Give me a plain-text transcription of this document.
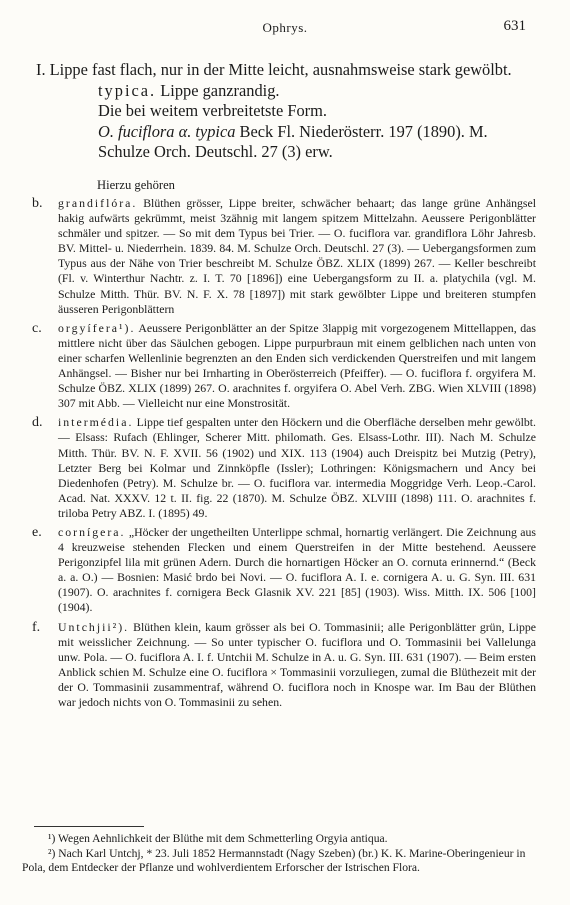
Ophrys.	631
I. Lippe fast flach, nur in der Mitte leicht, ausnahmsweise stark gewölbt.
typica. Lippe ganzrandig.
Die bei weitem verbreitetste Form.
O. fuciflora α. typica Beck Fl. Niederösterr. 197 (1890). M. Schulze Orch. Deutschl. 27 (3) erw.
Hierzu gehören
b.	grandiflóra. Blüthen grösser, Lippe breiter, schwächer behaart; das lange grüne Anhängsel hakig aufwärts gekrümmt, meist 3zähnig mit langem spitzem Mittelzahn. Aeussere Perigonblätter schmäler und spitzer. — So mit dem Typus bei Trier. — O. fuciflora var. grandiflora Löhr Jahresb. BV. Mittel- u. Niederrhein. 1839. 84. M. Schulze Orch. Deutschl. 27 (3). — Uebergangsformen zum Typus aus der Nähe von Trier beschreibt M. Schulze ÖBZ. XLIX (1899) 267. — Keller beschreibt (Fl. v. Winterthur Nachtr. z. I. T. 70 [1896]) eine Uebergangsform zu II. a. platychila (vgl. M. Schulze Mitth. Thür. BV. N. F. X. 78 [1897]) mit stark gewölbter Lippe und breiteren stumpfen äusseren Perigonblättern
c.	orgyífera¹). Aeussere Perigonblätter an der Spitze 3lappig mit vorgezogenem Mittellappen, das mittlere nicht über das Säulchen gebogen. Lippe purpurbraun mit einem gelblichen nach unten von einer scharfen Wellenlinie begrenzten an den Enden sich verdickenden Querstreifen und mit langem Anhängsel. — Bisher nur bei Irnharting in Oberösterreich (Pfeiffer). — O. fuciflora f. orgyifera M. Schulze ÖBZ. XLIX (1899) 267. O. arachnites f. orgyifera O. Abel Verh. ZBG. Wien XLVIII (1898) 307 mit Abb. — Vielleicht nur eine Monstrosität.
d.	intermédia. Lippe tief gespalten unter den Höckern und die Oberfläche derselben mehr gewölbt. — Elsass: Rufach (Ehlinger, Scherer Mitt. philomath. Ges. Elsass-Lothr. III). Nach M. Schulze Mitth. Thür. BV. N. F. XVII. 56 (1902) und XIX. 113 (1904) auch Dreispitz bei Mutzig (Petry), Letzter Berg bei Kolmar und Zinnköpfle (Issler); Lothringen: Königsmachern und Ancy bei Diedenhofen (Petry). M. Schulze br. — O. fuciflora var. intermedia Moggridge Verh. Leop.-Carol. Acad. Nat. XXXV. 12 t. II. fig. 22 (1870). M. Schulze ÖBZ. XLVIII (1898) 111. O. arachnites f. triloba Petry ABZ. I. (1895) 49.
e.	cornígera. „Höcker der ungetheilten Unterlippe schmal, hornartig verlängert. Die Zeichnung aus 4 kreuzweise stehenden Flecken und einem Querstreifen in der Mitte bestehend. Aeussere Perigonzipfel lila mit grünen Adern. Durch die hornartigen Höcker an O. cornuta erinnernd.“ (Beck a. a. O.) — Bosnien: Masić brdo bei Novi. — O. fuciflora A. I. e. cornigera A. u. G. Syn. III. 631 (1907). O. arachnites f. cornigera Beck Glasnik XV. 221 [85] (1903). Wiss. Mitth. IX. 506 [100] (1904).
f.	Untchjii²). Blüthen klein, kaum grösser als bei O. Tommasinii; alle Perigonblätter grün, Lippe mit weisslicher Zeichnung. — So unter typischer O. fuciflora und O. Tommasinii bei Vallelunga unw. Pola. — O. fuciflora A. I. f. Untchii M. Schulze in A. u. G. Syn. III. 631 (1907). — Beim ersten Anblick schien M. Schulze eine O. fuciflora × Tommasinii vorzuliegen, zumal die Blüthezeit mit der der O. Tommasinii zusammentraf, während O. fuciflora noch in Knospe war. Im Bau der Blüthen war jedoch nichts von O. Tommasinii zu sehen.

¹) Wegen Aehnlichkeit der Blüthe mit dem Schmetterling Orgyia antiqua.

²) Nach Karl Untchj, * 23. Juli 1852 Hermannstadt (Nagy Szeben) (br.) K. K. Marine-Oberingenieur in Pola, dem Entdecker der Pflanze und wohlverdientem Erforscher der Istrischen Flora.
